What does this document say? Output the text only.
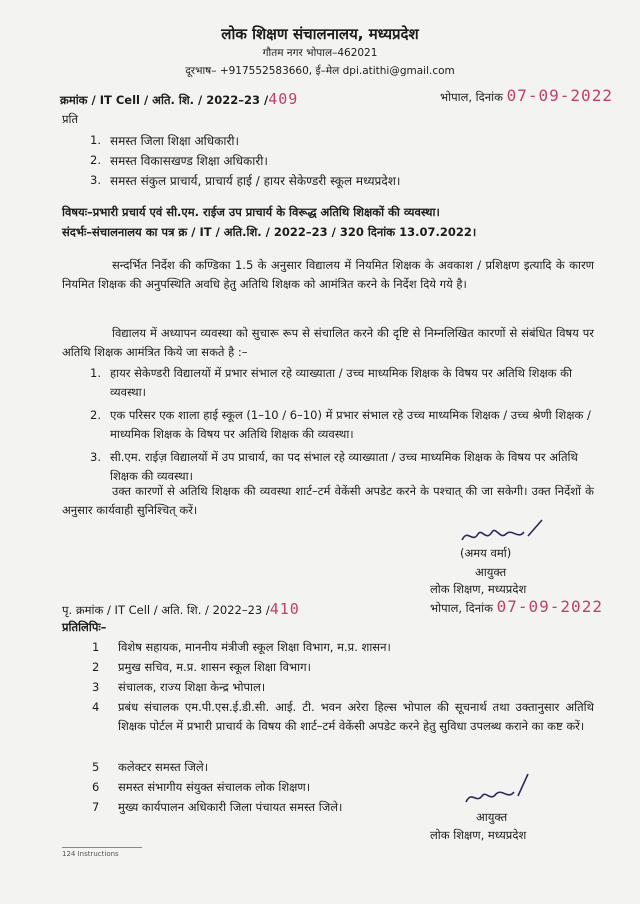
लोक शिक्षण संचालनालय, मध्यप्रदेश
गौतम नगर भोपाल–462021
दूरभाष– +917552583660, ई–मेल dpi.atithi@gmail.com
क्रमांक / IT Cell / अति. शि. / 2022–23 /409	भोपाल, दिनांक 07-09-2022
प्रति
1. समस्त जिला शिक्षा अधिकारी।
2. समस्त विकासखण्ड शिक्षा अधिकारी।
3. समस्त संकुल प्राचार्य, प्राचार्य हाई / हायर सेकेण्डरी स्कूल मध्यप्रदेश।
विषयः–प्रभारी प्रचार्य एवं सी.एम. राईज उप प्राचार्य के विरूद्ध अतिथि शिक्षकों की व्यवस्था।
संदर्भः–संचालनालय का पत्र क्र / IT / अति.शि. / 2022–23 / 320 दिनांक 13.07.2022।
सन्दर्भित निर्देश की कण्डिका 1.5 के अनुसार विद्यालय में नियमित शिक्षक के अवकाश / प्रशिक्षण इत्यादि के कारण नियमित शिक्षक की अनुपस्थिति अवधि हेतु अतिथि शिक्षक को आमंत्रित करने के निर्देश दिये गये है।
विद्यालय में अध्यापन व्यवस्था को सुचारू रूप से संचालित करने की दृष्टि से निम्नलिखित कारणों से संबंधित विषय पर अतिथि शिक्षक आमंत्रित किये जा सकते है :–
1. हायर सेकेण्डरी विद्यालयों में प्रभार संभाल रहे व्याख्याता / उच्च माध्यमिक शिक्षक के विषय पर अतिथि शिक्षक की व्यवस्था।
2. एक परिसर एक शाला हाई स्कूल (1–10 / 6–10) में प्रभार संभाल रहे उच्च माध्यमिक शिक्षक / उच्च श्रेणी शिक्षक / माध्यमिक शिक्षक के विषय पर अतिथि शिक्षक की व्यवस्था।
3. सी.एम. राईज़ विद्यालयों में उप प्राचार्य, का पद संभाल रहे व्याख्याता / उच्च माध्यमिक शिक्षक के विषय पर अतिथि शिक्षक की व्यवस्था।
उक्त कारणों से अतिथि शिक्षक की व्यवस्था शार्ट–टर्म वेकेंसी अपडेट करने के पश्चात् की जा सकेगी। उक्त निर्देशों के अनुसार कार्यवाही सुनिश्चित् करें।
(अमय वर्मा)
आयुक्त
लोक शिक्षण, मध्यप्रदेश
पृ. क्रमांक / IT Cell / अति. शि. / 2022–23 /410	भोपाल, दिनांक 07-09-2022
प्रतिलिपिः–
1 विशेष सहायक, माननीय मंत्रीजी स्कूल शिक्षा विभाग, म.प्र. शासन।
2 प्रमुख सचिव, म.प्र. शासन स्कूल शिक्षा विभाग।
3 संचालक, राज्य शिक्षा केन्द्र भोपाल।
4 प्रबंध संचालक एम.पी.एस.ई.डी.सी. आई. टी. भवन अरेरा हिल्स भोपाल की सूचनार्थ तथा उक्तानुसार अतिथि शिक्षक पोर्टल में प्रभारी प्राचार्य के विषय की शार्ट–टर्म वेकेंसी अपडेट करने हेतु सुविधा उपलब्ध कराने का कष्ट करें।
5 कलेक्टर समस्त जिले।
6 समस्त संभागीय संयुक्त संचालक लोक शिक्षण।
7 मुख्य कार्यपालन अधिकारी जिला पंचायत समस्त जिले।
आयुक्त
लोक शिक्षण, मध्यप्रदेश
124 Instructions
